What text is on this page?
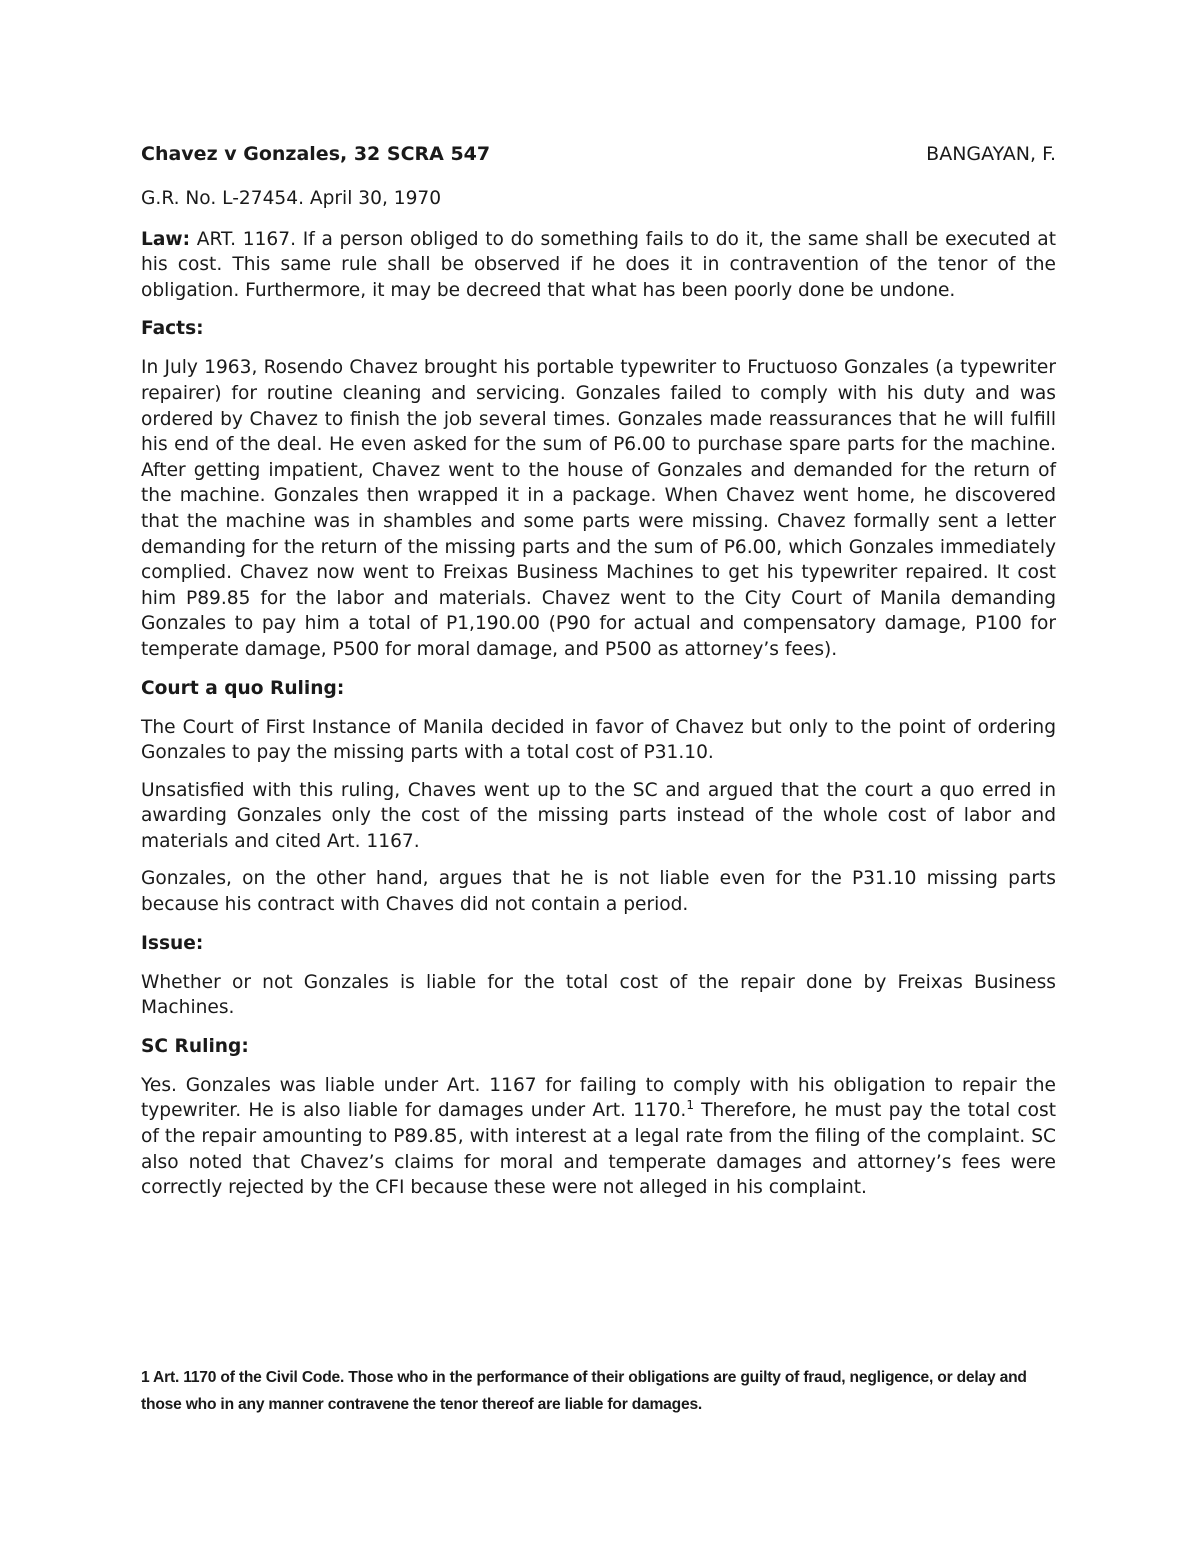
Chavez v Gonzales, 32 SCRA 547	BANGAYAN, F.

G.R. No. L-27454. April 30, 1970

Law: ART. 1167. If a person obliged to do something fails to do it, the same shall be executed at his cost. This same rule shall be observed if he does it in contravention of the tenor of the obligation. Furthermore, it may be decreed that what has been poorly done be undone.

Facts:

In July 1963, Rosendo Chavez brought his portable typewriter to Fructuoso Gonzales (a typewriter repairer) for routine cleaning and servicing. Gonzales failed to comply with his duty and was ordered by Chavez to finish the job several times. Gonzales made reassurances that he will fulfill his end of the deal. He even asked for the sum of P6.00 to purchase spare parts for the machine. After getting impatient, Chavez went to the house of Gonzales and demanded for the return of the machine. Gonzales then wrapped it in a package. When Chavez went home, he discovered that the machine was in shambles and some parts were missing. Chavez formally sent a letter demanding for the return of the missing parts and the sum of P6.00, which Gonzales immediately complied. Chavez now went to Freixas Business Machines to get his typewriter repaired. It cost him P89.85 for the labor and materials. Chavez went to the City Court of Manila demanding Gonzales to pay him a total of P1,190.00 (P90 for actual and compensatory damage, P100 for temperate damage, P500 for moral damage, and P500 as attorney’s fees).

Court a quo Ruling:

The Court of First Instance of Manila decided in favor of Chavez but only to the point of ordering Gonzales to pay the missing parts with a total cost of P31.10.

Unsatisfied with this ruling, Chaves went up to the SC and argued that the court a quo erred in awarding Gonzales only the cost of the missing parts instead of the whole cost of labor and materials and cited Art. 1167.

Gonzales, on the other hand, argues that he is not liable even for the P31.10 missing parts because his contract with Chaves did not contain a period.

Issue:

Whether or not Gonzales is liable for the total cost of the repair done by Freixas Business Machines.

SC Ruling:

Yes. Gonzales was liable under Art. 1167 for failing to comply with his obligation to repair the typewriter. He is also liable for damages under Art. 1170.$^1$ Therefore, he must pay the total cost of the repair amounting to P89.85, with interest at a legal rate from the filing of the complaint. SC also noted that Chavez’s claims for moral and temperate damages and attorney’s fees were correctly rejected by the CFI because these were not alleged in his complaint.

1 Art. 1170 of the Civil Code. Those who in the performance of their obligations are guilty of fraud, negligence, or delay and those who in any manner contravene the tenor thereof are liable for damages.
